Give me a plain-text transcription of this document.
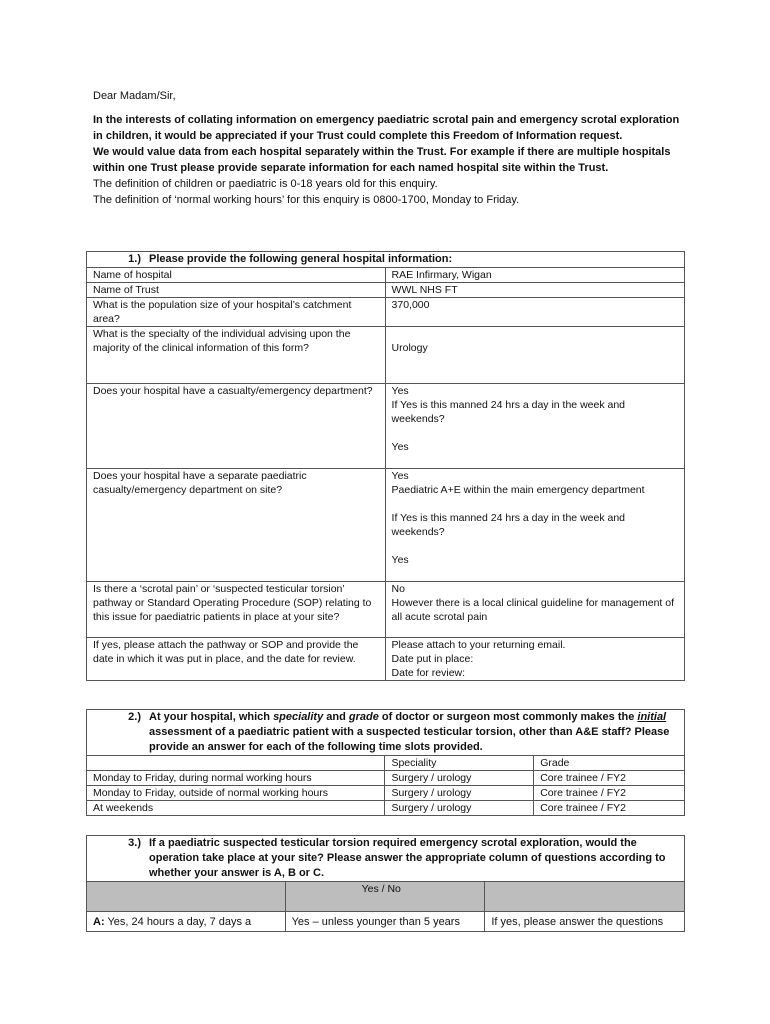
Dear Madam/Sir,
In the interests of collating information on emergency paediatric scrotal pain and emergency scrotal exploration in children, it would be appreciated if your Trust could complete this Freedom of Information request.
We would value data from each hospital separately within the Trust. For example if there are multiple hospitals within one Trust please provide separate information for each named hospital site within the Trust.
The definition of children or paediatric is 0-18 years old for this enquiry.
The definition of ‘normal working hours’ for this enquiry is 0800-1700, Monday to Friday.
1.) Please provide the following general hospital information:	

Name of hospital	RAE Infirmary, Wigan

Name of Trust	WWL NHS FT

What is the population size of your hospital’s catchment area?	370,000

What is the specialty of the individual advising upon the majority of the clinical information of this form?	Urology

Does your hospital have a casualty/emergency department?	Yes
If Yes is this manned 24 hrs a day in the week and weekends?
Yes

Does your hospital have a separate paediatric casualty/emergency department on site?	Yes
Paediatric A+E within the main emergency department
If Yes is this manned 24 hrs a day in the week and weekends?
Yes

Is there a ‘scrotal pain’ or ‘suspected testicular torsion’ pathway or Standard Operating Procedure (SOP) relating to this issue for paediatric patients in place at your site?	No
However there is a local clinical guideline for management of all acute scrotal pain

If yes, please attach the pathway or SOP and provide the date in which it was put in place, and the date for review.	Please attach to your returning email.
Date put in place:
Date for review:
2.) At your hospital, which speciality and grade of doctor or surgeon most commonly makes the initial assessment of a paediatric patient with a suspected testicular torsion, other than A&E staff? Please provide an answer for each of the following time slots provided.		

	Speciality	Grade
Monday to Friday, during normal working hours	Surgery / urology	Core trainee / FY2
Monday to Friday, outside of normal working hours	Surgery / urology	Core trainee / FY2
At weekends	Surgery / urology	Core trainee / FY2
3.) If a paediatric suspected testicular torsion required emergency scrotal exploration, would the operation take place at your site? Please answer the appropriate column of questions according to whether your answer is A, B or C.		

	Yes / No	
A: Yes, 24 hours a day, 7 days a	Yes – unless younger than 5 years	If yes, please answer the questions
